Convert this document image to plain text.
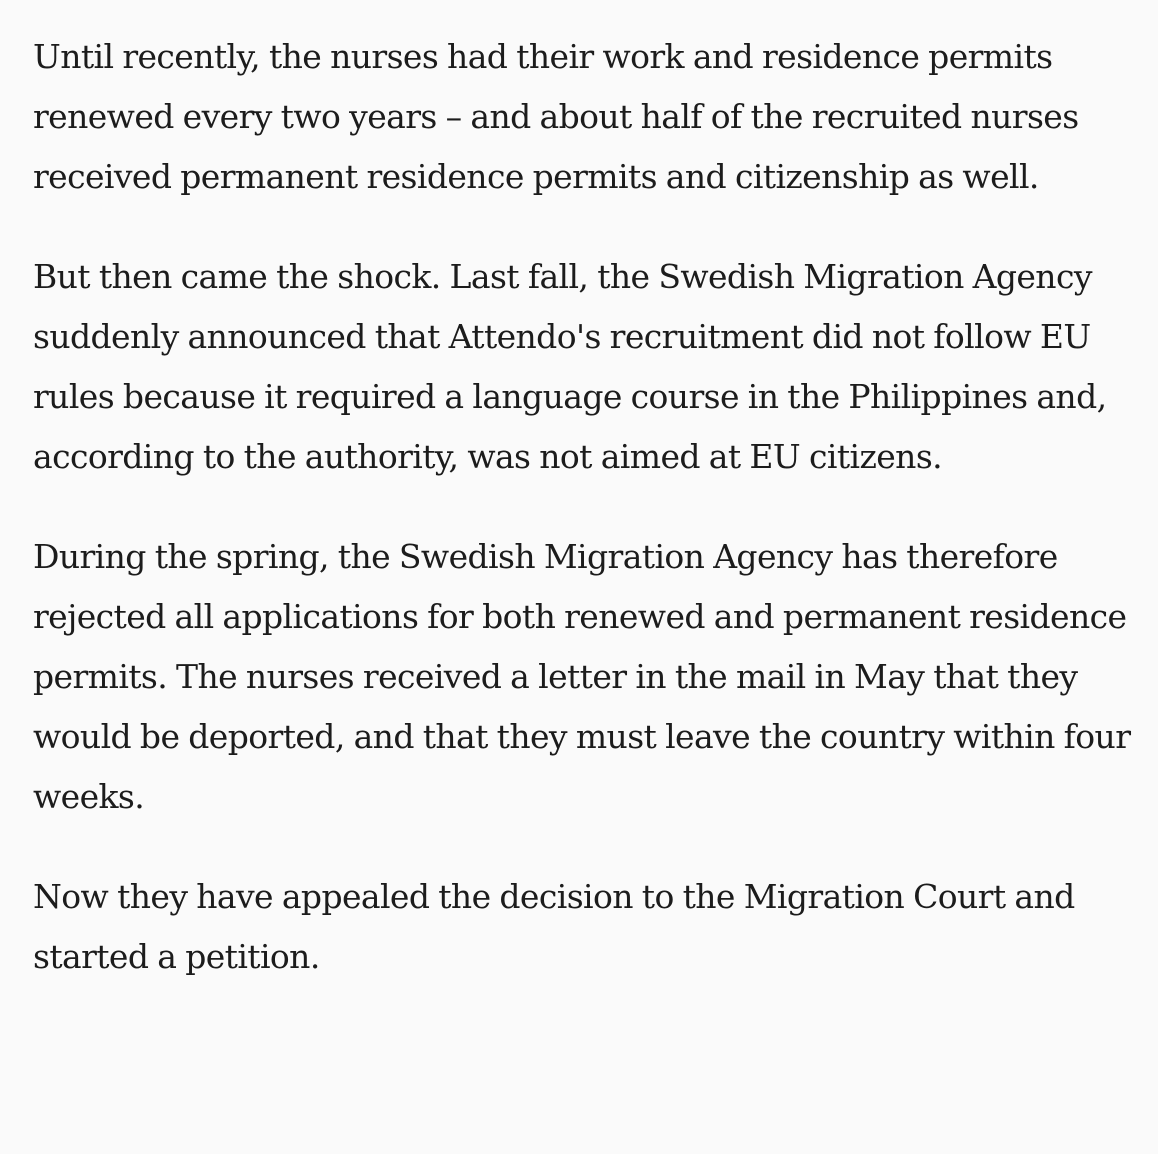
Until recently, the nurses had their work and residence permits renewed every two years – and about half of the recruited nurses received permanent residence permits and citizenship as well.

But then came the shock. Last fall, the Swedish Migration Agency suddenly announced that Attendo's recruitment did not follow EU rules because it required a language course in the Philippines and, according to the authority, was not aimed at EU citizens.

During the spring, the Swedish Migration Agency has therefore rejected all applications for both renewed and permanent residence permits. The nurses received a letter in the mail in May that they would be deported, and that they must leave the country within four weeks.

Now they have appealed the decision to the Migration Court and started a petition.
